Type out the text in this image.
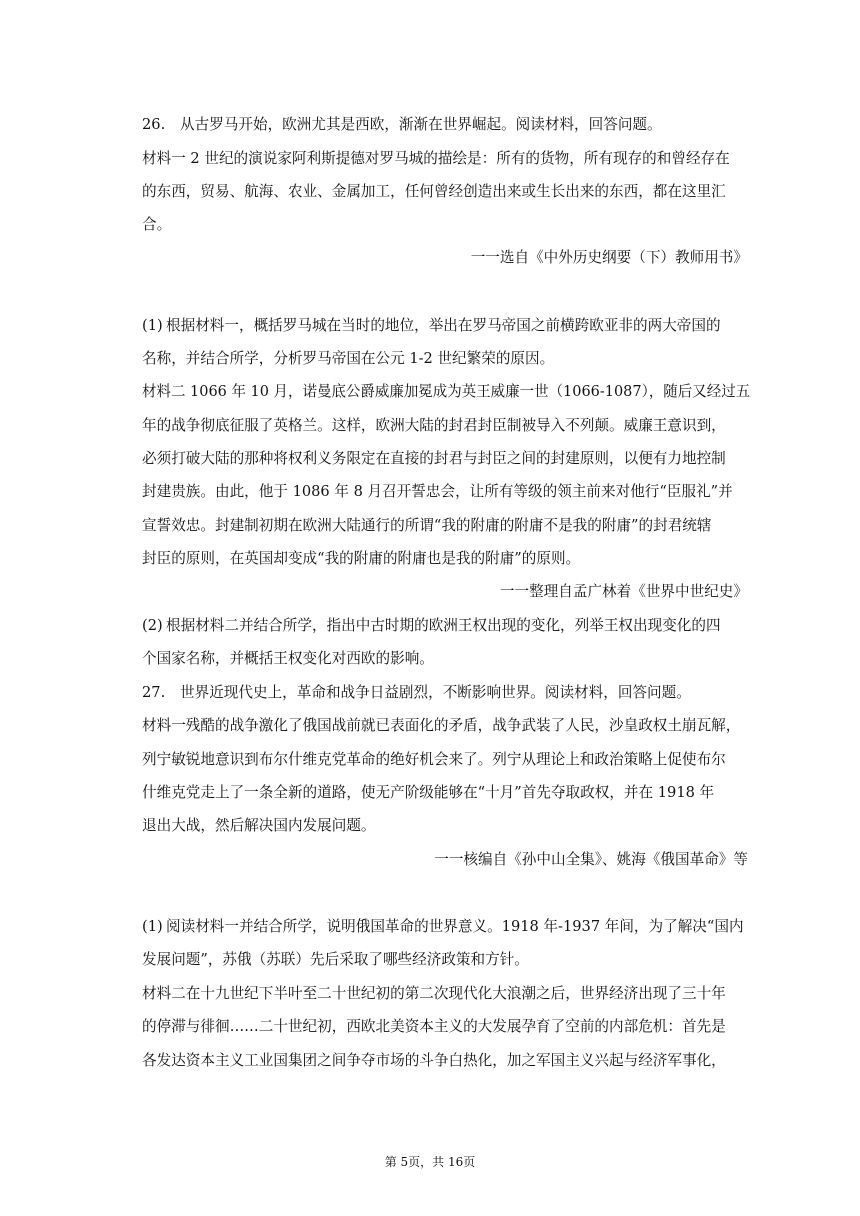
26. 从古罗马开始，欧洲尤其是西欧，渐渐在世界崛起。阅读材料，回答问题。
材料一 2 世纪的演说家阿利斯提德对罗马城的描绘是：所有的货物，所有现存的和曾经存在
的东西，贸易、航海、农业、金属加工，任何曾经创造出来或生长出来的东西，都在这里汇
合。
一一选自《中外历史纲要（下）教师用书》
(1) 根据材料一，概括罗马城在当时的地位，举出在罗马帝国之前横跨欧亚非的两大帝国的
名称，并结合所学，分析罗马帝国在公元 1-2 世纪繁荣的原因。
材料二 1066 年 10 月，诺曼底公爵威廉加冕成为英王威廉一世（1066-1087），随后又经过五
年的战争彻底征服了英格兰。这样，欧洲大陆的封君封臣制被导入不列颠。威廉王意识到，
必须打破大陆的那种将权利义务限定在直接的封君与封臣之间的封建原则，以便有力地控制
封建贵族。由此，他于 1086 年 8 月召开誓忠会，让所有等级的领主前来对他行“臣服礼”并
宣誓效忠。封建制初期在欧洲大陆通行的所谓“我的附庸的附庸不是我的附庸”的封君统辖
封臣的原则，在英国却变成“我的附庸的附庸也是我的附庸”的原则。
一一整理自孟广林着《世界中世纪史》
(2) 根据材料二并结合所学，指出中古时期的欧洲王权出现的变化，列举王权出现变化的四
个国家名称，并概括王权变化对西欧的影响。
27. 世界近现代史上，革命和战争日益剧烈，不断影响世界。阅读材料，回答问题。
材料一残酷的战争激化了俄国战前就已表面化的矛盾，战争武装了人民，沙皇政权土崩瓦解，
列宁敏锐地意识到布尔什维克党革命的绝好机会来了。列宁从理论上和政治策略上促使布尔
什维克党走上了一条全新的道路，使无产阶级能够在“十月”首先夺取政权，并在 1918 年
退出大战，然后解决国内发展问题。
一一核编自《孙中山全集》、姚海《俄国革命》等
(1) 阅读材料一并结合所学，说明俄国革命的世界意义。1918 年-1937 年间，为了解决“国内
发展问题”，苏俄（苏联）先后采取了哪些经济政策和方针。
材料二在十九世纪下半叶至二十世纪初的第二次现代化大浪潮之后，世界经济出现了三十年
的停滞与徘徊……二十世纪初，西欧北美资本主义的大发展孕育了空前的内部危机：首先是
各发达资本主义工业国集团之间争夺市场的斗争白热化，加之军国主义兴起与经济军事化，
第 5页，共 16页
